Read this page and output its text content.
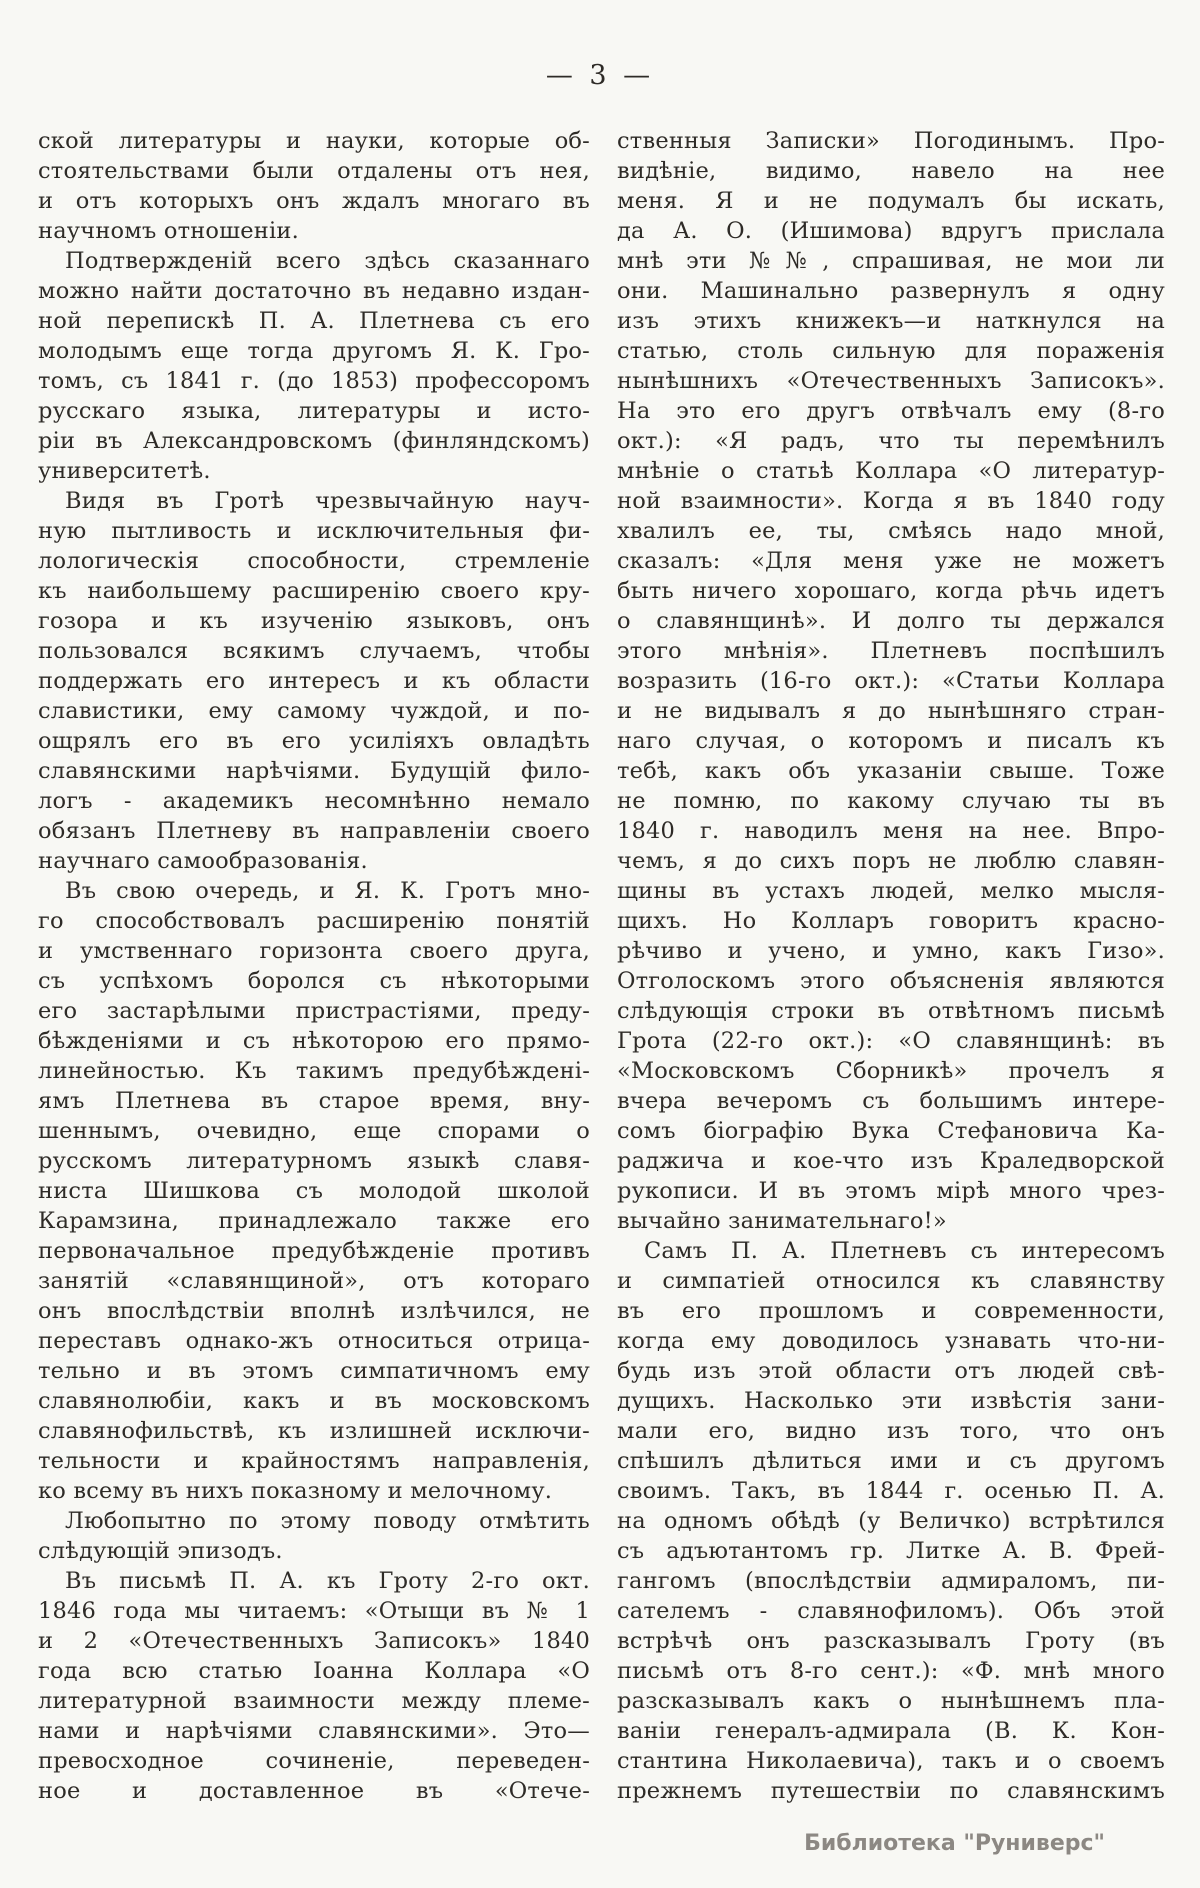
— 3 —
ской литературы и науки, которые об-
стоятельствами были отдалены отъ нея,
и отъ которыхъ онъ ждалъ многаго въ
научномъ отношеніи.
Подтвержденій всего здѣсь сказаннаго
можно найти достаточно въ недавно издан-
ной перепискѣ П. А. Плетнева съ его
молодымъ еще тогда другомъ Я. К. Гро-
томъ, съ 1841 г. (до 1853) профессоромъ
русскаго языка, литературы и исто-
ріи въ Александровскомъ (финляндскомъ)
университетѣ.
Видя въ Гротѣ чрезвычайную науч-
ную пытливость и исключительныя фи-
лологическія способности, стремленіе
къ наибольшему расширенію своего кру-
гозора и къ изученію языковъ, онъ
пользовался всякимъ случаемъ, чтобы
поддержать его интересъ и къ области
славистики, ему самому чуждой, и по-
ощрялъ его въ его усиліяхъ овладѣть
славянскими нарѣчіями. Будущій фило-
логъ - академикъ несомнѣнно немало
обязанъ Плетневу въ направленіи своего
научнаго самообразованія.
Въ свою очередь, и Я. К. Гротъ мно-
го способствовалъ расширенію понятій
и умственнаго горизонта своего друга,
съ успѣхомъ боролся съ нѣкоторыми
его застарѣлыми пристрастіями, преду-
бѣжденіями и съ нѣкоторою его прямо-
линейностью. Къ такимъ предубѣждені-
ямъ Плетнева въ старое время, вну-
шеннымъ, очевидно, еще спорами о
русскомъ литературномъ языкѣ славя-
ниста Шишкова съ молодой школой
Карамзина, принадлежало также его
первоначальное предубѣжденіе противъ
занятій «славянщиной», отъ котораго
онъ впослѣдствіи вполнѣ излѣчился, не
переставъ однако-жъ относиться отрица-
тельно и въ этомъ симпатичномъ ему
славянолюбіи, какъ и въ московскомъ
славянофильствѣ, къ излишней исключи-
тельности и крайностямъ направленія,
ко всему въ нихъ показному и мелочному.
Любопытно по этому поводу отмѣтить
слѣдующій эпизодъ.
Въ письмѣ П. А. къ Гроту 2-го окт.
1846 года мы читаемъ: «Отыщи въ № 1
и 2 «Отечественныхъ Записокъ» 1840
года всю статью Іоанна Коллара «О
литературной взаимности между племе-
нами и нарѣчіями славянскими». Это—
превосходное сочиненіе, переведен-
ное и доставленное въ «Отече-
ственныя Записки» Погодинымъ. Про-
видѣніе, видимо, навело на нее
меня. Я и не подумалъ бы искать,
да А. О. (Ишимова) вдругъ прислала
мнѣ эти №№, спрашивая, не мои ли
они. Машинально развернулъ я одну
изъ этихъ книжекъ—и наткнулся на
статью, столь сильную для пораженія
нынѣшнихъ «Отечественныхъ Записокъ».
На это его другъ отвѣчалъ ему (8-го
окт.): «Я радъ, что ты перемѣнилъ
мнѣніе о статьѣ Коллара «О литератур-
ной взаимности». Когда я въ 1840 году
хвалилъ ее, ты, смѣясь надо мной,
сказалъ: «Для меня уже не можетъ
быть ничего хорошаго, когда рѣчь идетъ
о славянщинѣ». И долго ты держался
этого мнѣнія». Плетневъ поспѣшилъ
возразить (16-го окт.): «Статьи Коллара
и не видывалъ я до нынѣшняго стран-
наго случая, о которомъ и писалъ къ
тебѣ, какъ объ указаніи свыше. Тоже
не помню, по какому случаю ты въ
1840 г. наводилъ меня на нее. Впро-
чемъ, я до сихъ поръ не люблю славян-
щины въ устахъ людей, мелко мысля-
щихъ. Но Колларъ говоритъ красно-
рѣчиво и учено, и умно, какъ Гизо».
Отголоскомъ этого объясненія являются
слѣдующія строки въ отвѣтномъ письмѣ
Грота (22-го окт.): «О славянщинѣ: въ
«Московскомъ Сборникѣ» прочелъ я
вчера вечеромъ съ большимъ интере-
сомъ біографію Вука Стефановича Ка-
раджича и кое-что изъ Краледворской
рукописи. И въ этомъ мірѣ много чрез-
вычайно занимательнаго!»
Самъ П. А. Плетневъ съ интересомъ
и симпатіей относился къ славянству
въ его прошломъ и современности,
когда ему доводилось узнавать что-ни-
будь изъ этой области отъ людей свѣ-
дущихъ. Насколько эти извѣстія зани-
мали его, видно изъ того, что онъ
спѣшилъ дѣлиться ими и съ другомъ
своимъ. Такъ, въ 1844 г. осенью П. А.
на одномъ обѣдѣ (у Величко) встрѣтился
съ адъютантомъ гр. Литке А. В. Фрей-
гангомъ (впослѣдствіи адмираломъ, пи-
сателемъ - славянофиломъ). Объ этой
встрѣчѣ онъ разсказывалъ Гроту (въ
письмѣ отъ 8-го сент.): «Ф. мнѣ много
разсказывалъ какъ о нынѣшнемъ пла-
ваніи генералъ-адмирала (В. К. Кон-
стантина Николаевича), такъ и о своемъ
прежнемъ путешествіи по славянскимъ
Библиотека "Руниверс"
